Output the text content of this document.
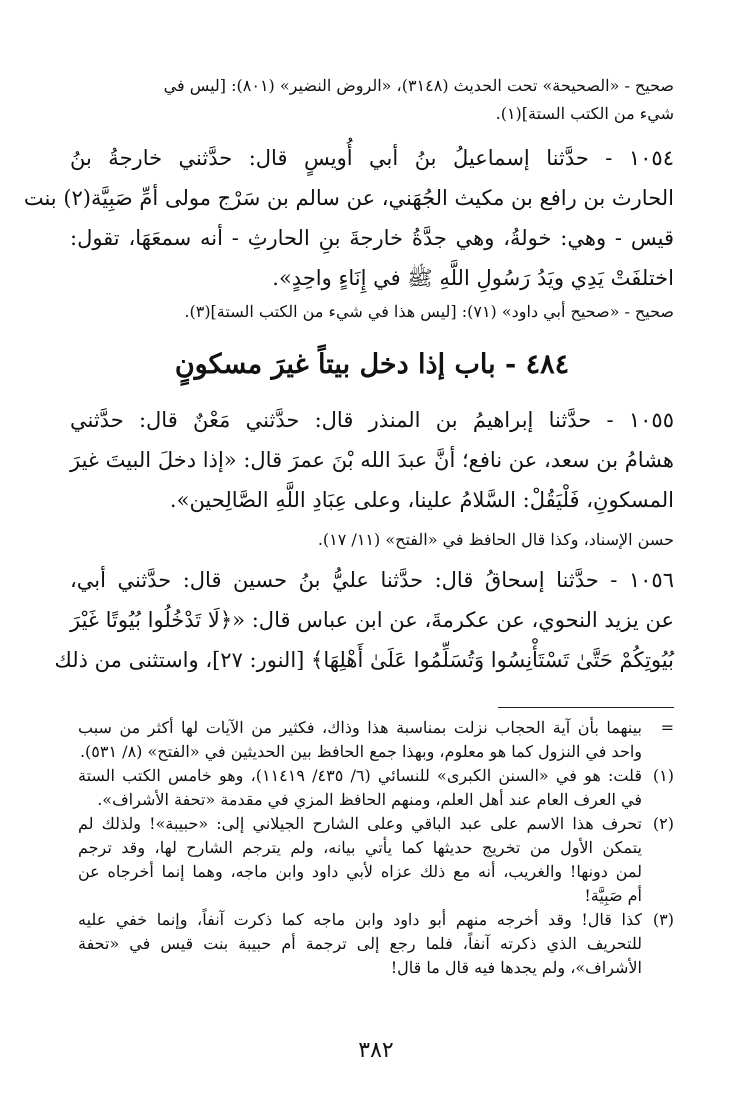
صحيح - «الصحيحة» تحت الحديث (٣١٤٨)، «الروض النضير» (٨٠١): [ليس في
شيء من الكتب الستة](١).
١٠٥٤ - حدَّثنا إسماعيلُ بنُ أبي أُويسٍ قال: حدَّثني خارجةُ بنُ
الحارث بن رافع بن مكيث الجُهَني، عن سالم بن سَرْج مولى أمِّ صَبِيَّة(٢) بنت
قيس - وهي: خولةُ، وهي جدَّةُ خارجةَ بنِ الحارثِ - أنه سمعَهَا، تقول:
اختلفَتْ يَدِي ويَدُ رَسُولِ اللَّهِ ﷺ في إِنَاءٍ واحِدٍ».
صحيح - «صحيح أبي داود» (٧١): [ليس هذا في شيء من الكتب الستة](٣).
٤٨٤ - باب إذا دخل بيتاً غيرَ مسكونٍ
١٠٥٥ - حدَّثنا إبراهيمُ بن المنذر قال: حدَّثني مَعْنٌ قال: حدَّثني
هشامُ بن سعد، عن نافع؛ أنَّ عبدَ الله بْنَ عمرَ قال: «إذا دخلَ البيتَ غيرَ
المسكونِ، فَلْيَقُلْ: السَّلامُ علينا، وعلى عِبَادِ اللَّهِ الصَّالِحين».
حسن الإسناد، وكذا قال الحافظ في «الفتح» (١١/ ١٧).
١٠٥٦ - حدَّثنا إسحاقُ قال: حدَّثنا عليُّ بنُ حسين قال: حدَّثني أبي،
عن يزيد النحوي، عن عكرمةَ، عن ابن عباس قال: «﴿لَا تَدْخُلُوا بُيُوتًا غَيْرَ
بُيُوتِكُمْ حَتَّىٰ تَسْتَأْنِسُوا وَتُسَلِّمُوا عَلَىٰ أَهْلِهَا﴾ [النور: ٢٧]، واستثنى من ذلك
=
بينهما بأن آية الحجاب نزلت بمناسبة هذا وذاك، فكثير من الآيات لها أكثر من سبب
واحد في النزول كما هو معلوم، وبهذا جمع الحافظ بين الحديثين في «الفتح» (٨/ ٥٣١).
(١)
قلت: هو في «السنن الكبرى» للنسائي (٦/ ٤٣٥/ ١١٤١٩)، وهو خامس الكتب الستة
في العرف العام عند أهل العلم، ومنهم الحافظ المزي في مقدمة «تحفة الأشراف».
(٢)
تحرف هذا الاسم على عبد الباقي وعلى الشارح الجيلاني إلى: «حبيبة»! ولذلك لم
يتمكن الأول من تخريج حديثها كما يأتي بيانه، ولم يترجم الشارح لها، وقد ترجم
لمن دونها! والغريب، أنه مع ذلك عزاه لأبي داود وابن ماجه، وهما إنما أخرجاه عن
أم صَبِيَّة!
(٣)
كذا قال! وقد أخرجه منهم أبو داود وابن ماجه كما ذكرت آنفاً، وإنما خفي عليه
للتحريف الذي ذكرته آنفاً، فلما رجع إلى ترجمة أم حبيبة بنت قيس في «تحفة
الأشراف»، ولم يجدها فيه قال ما قال!
٣٨٢
